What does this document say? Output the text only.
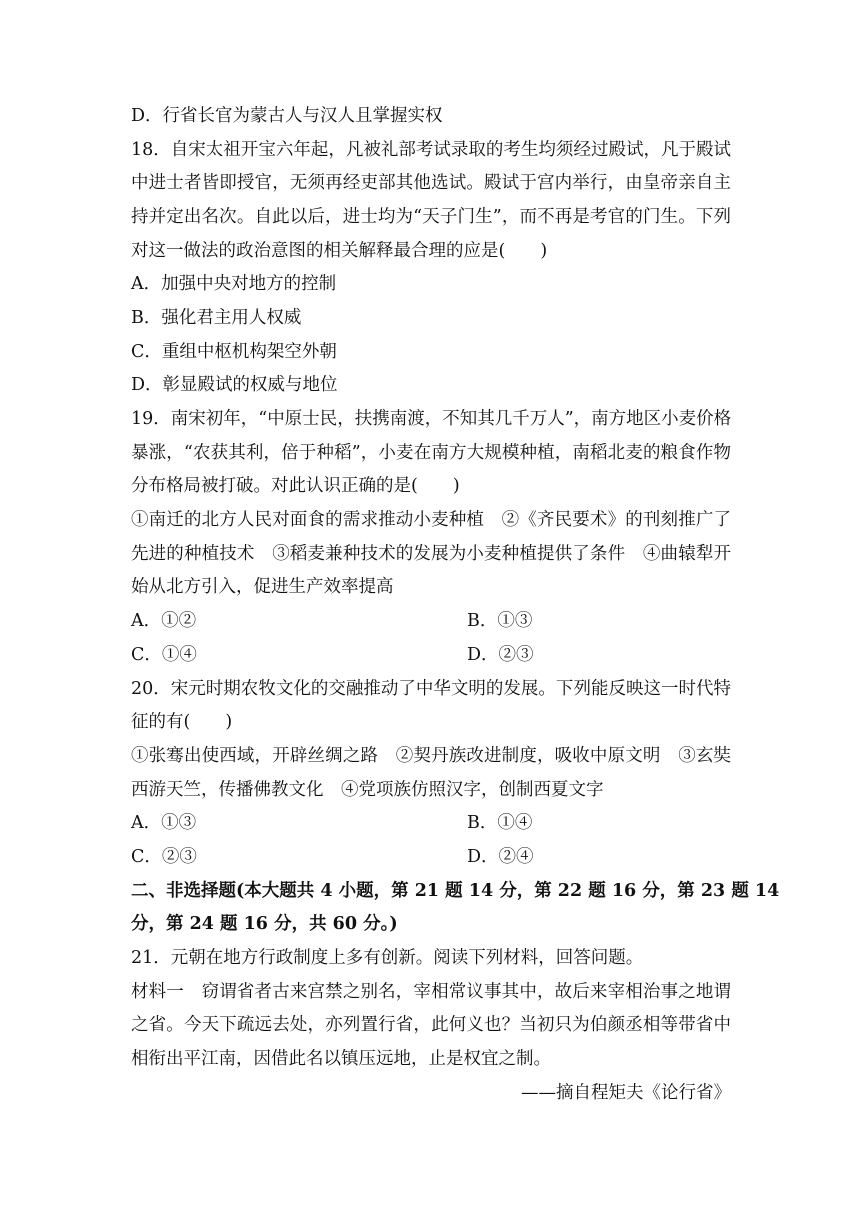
D．行省长官为蒙古人与汉人且掌握实权
18．自宋太祖开宝六年起，凡被礼部考试录取的考生均须经过殿试，凡于殿试
中进士者皆即授官，无须再经吏部其他选试。殿试于宫内举行，由皇帝亲自主
持并定出名次。自此以后，进士均为“天子门生”，而不再是考官的门生。下列
对这一做法的政治意图的相关解释最合理的应是(　　)
A．加强中央对地方的控制
B．强化君主用人权威
C．重组中枢机构架空外朝
D．彰显殿试的权威与地位
19．南宋初年，“中原士民，扶携南渡，不知其几千万人”，南方地区小麦价格
暴涨，“农获其利，倍于种稻”，小麦在南方大规模种植，南稻北麦的粮食作物
分布格局被打破。对此认识正确的是(　　)
①南迁的北方人民对面食的需求推动小麦种植　②《齐民要术》的刊刻推广了
先进的种植技术　③稻麦兼种技术的发展为小麦种植提供了条件　④曲辕犁开
始从北方引入，促进生产效率提高
A．①②	B．①③
C．①④	D．②③
20．宋元时期农牧文化的交融推动了中华文明的发展。下列能反映这一时代特
征的有(　　)
①张骞出使西域，开辟丝绸之路　②契丹族改进制度，吸收中原文明　③玄奘
西游天竺，传播佛教文化　④党项族仿照汉字，创制西夏文字
A．①③	B．①④
C．②③	D．②④
二、非选择题(本大题共 4 小题，第 21 题 14 分，第 22 题 16 分，第 23 题 14
分，第 24 题 16 分，共 60 分。)
21．元朝在地方行政制度上多有创新。阅读下列材料，回答问题。
材料一　窃谓省者古来宫禁之别名，宰相常议事其中，故后来宰相治事之地谓
之省。今天下疏远去处，亦列置行省，此何义也？当初只为伯颜丞相等带省中
相衔出平江南，因借此名以镇压远地，止是权宜之制。
——摘自程矩夫《论行省》
